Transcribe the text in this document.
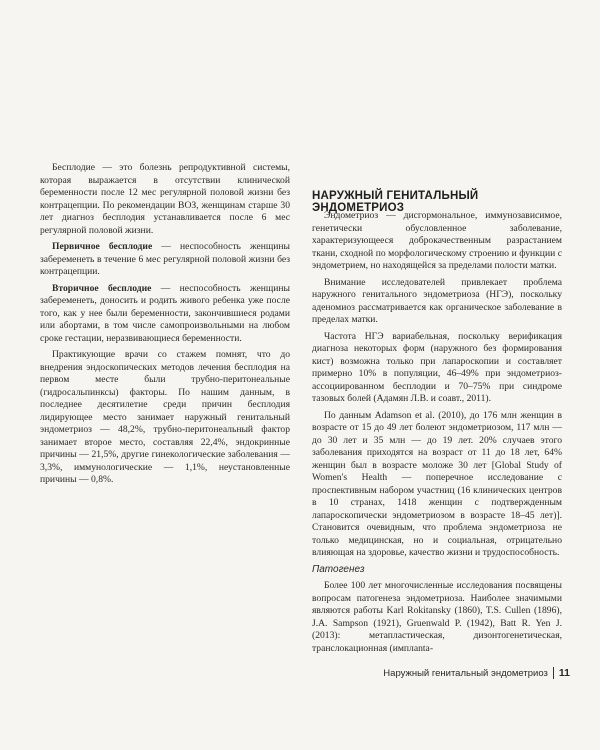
Бесплодие — это болезнь репродуктивной системы, которая выражается в отсутствии клинической беременности после 12 мес регулярной половой жизни без контрацепции. По рекомендации ВОЗ, женщинам старше 30 лет диагноз бесплодия устанавливается после 6 мес регулярной половой жизни.

Первичное бесплодие — неспособность женщины забеременеть в течение 6 мес регулярной половой жизни без контрацепции.

Вторичное бесплодие — неспособность женщины забеременеть, доносить и родить живого ребенка уже после того, как у нее были беременности, закончившиеся родами или абортами, в том числе самопроизвольными на любом сроке гестации, неразвивающиеся беременности.

Практикующие врачи со стажем помнят, что до внедрения эндоскопических методов лечения бесплодия на первом месте были трубно-перитонеальные (гидросальпинксы) факторы. По нашим данным, в последнее десятилетие среди причин бесплодия лидирующее место занимает наружный генитальный эндометриоз — 48,2%, трубно-перитонеальный фактор занимает второе место, составляя 22,4%, эндокринные причины — 21,5%, другие гинекологические заболевания — 3,3%, иммунологические — 1,1%, неустановленные причины — 0,8%.

НАРУЖНЫЙ ГЕНИТАЛЬНЫЙ ЭНДОМЕТРИОЗ

Эндометриоз — дисгормональное, иммунозависимое, генетически обусловленное заболевание, характеризующееся доброкачественным разрастанием ткани, сходной по морфологическому строению и функции с эндометрием, но находящейся за пределами полости матки.

Внимание исследователей привлекает проблема наружного генитального эндометриоза (НГЭ), поскольку аденомиоз рассматривается как органическое заболевание в пределах матки.

Частота НГЭ вариабельная, поскольку верификация диагноза некоторых форм (наружного без формирования кист) возможна только при лапароскопии и составляет примерно 10% в популяции, 46–49% при эндометриоз-ассоциированном бесплодии и 70–75% при синдроме тазовых болей (Адамян Л.В. и соавт., 2011).

По данным Adamson et al. (2010), до 176 млн женщин в возрасте от 15 до 49 лет болеют эндометриозом, 117 млн — до 30 лет и 35 млн — до 19 лет. 20% случаев этого заболевания приходятся на возраст от 11 до 18 лет, 64% женщин был в возрасте моложе 30 лет [Global Study of Women's Health — поперечное исследование с проспективным набором участниц (16 клинических центров в 10 странах, 1418 женщин с подтвержденным лапароскопически эндометриозом в возрасте 18–45 лет)]. Становится очевидным, что проблема эндометриоза не только медицинская, но и социальная, отрицательно влияющая на здоровье, качество жизни и трудоспособность.

Патогенез

Более 100 лет многочисленные исследования посвящены вопросам патогенеза эндометриоза. Наиболее значимыми являются работы Karl Rokitansky (1860), T.S. Cullen (1896), J.A. Sampson (1921), Gruenwald P. (1942), Batt R. Yen J. (2013): метапластическая, дизонтогенетическая, транслокационная (имплanta-

Наружный генитальный эндометриоз 11
